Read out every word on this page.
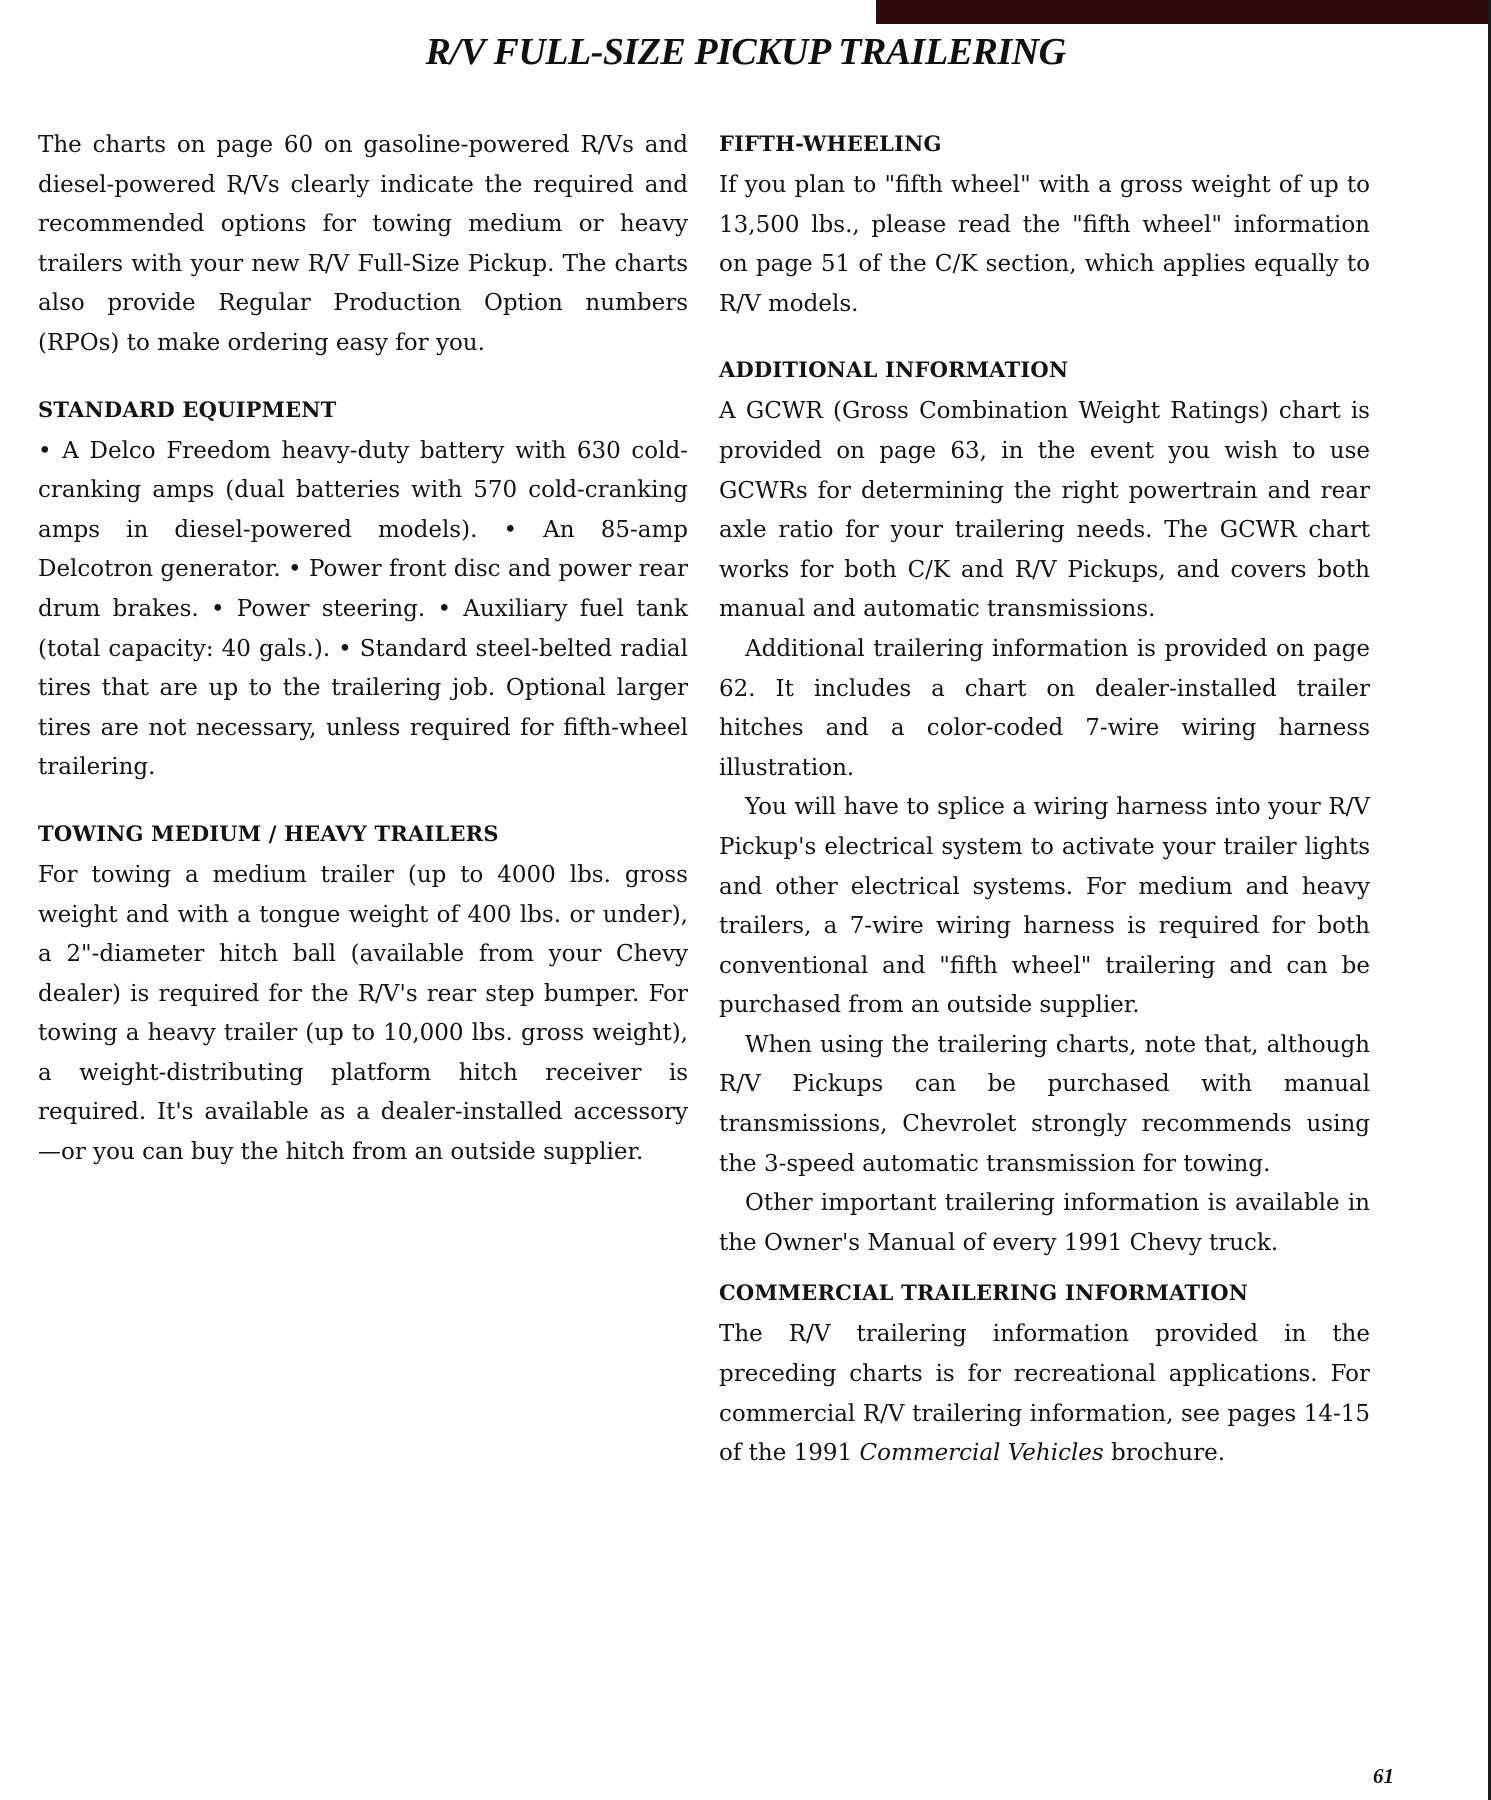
R/V FULL-SIZE PICKUP TRAILERING

The charts on page 60 on gasoline-powered R/Vs and diesel-powered R/Vs clearly indicate the required and recommended options for towing medium or heavy trailers with your new R/V Full-Size Pickup. The charts also provide Regular Production Option numbers (RPOs) to make ordering easy for you.

STANDARD EQUIPMENT

• A Delco Freedom heavy-duty battery with 630 cold-cranking amps (dual batteries with 570 cold-cranking amps in diesel-powered models). • An 85-amp Delcotron generator. • Power front disc and power rear drum brakes. • Power steering. • Auxiliary fuel tank (total capacity: 40 gals.). • Standard steel-belted radial tires that are up to the trailering job. Optional larger tires are not necessary, unless required for fifth-wheel trailering.

TOWING MEDIUM / HEAVY TRAILERS

For towing a medium trailer (up to 4000 lbs. gross weight and with a tongue weight of 400 lbs. or under), a 2"-diameter hitch ball (available from your Chevy dealer) is required for the R/V's rear step bumper. For towing a heavy trailer (up to 10,000 lbs. gross weight), a weight-distributing platform hitch receiver is required. It's available as a dealer-installed accessory—or you can buy the hitch from an outside supplier.

FIFTH-WHEELING

If you plan to "fifth wheel" with a gross weight of up to 13,500 lbs., please read the "fifth wheel" information on page 51 of the C/K section, which applies equally to R/V models.

ADDITIONAL INFORMATION

A GCWR (Gross Combination Weight Ratings) chart is provided on page 63, in the event you wish to use GCWRs for determining the right powertrain and rear axle ratio for your trailering needs. The GCWR chart works for both C/K and R/V Pickups, and covers both manual and automatic transmissions.

Additional trailering information is provided on page 62. It includes a chart on dealer-installed trailer hitches and a color-coded 7-wire wiring harness illustration.

You will have to splice a wiring harness into your R/V Pickup's electrical system to activate your trailer lights and other electrical systems. For medium and heavy trailers, a 7-wire wiring harness is required for both conventional and "fifth wheel" trailering and can be purchased from an outside supplier.

When using the trailering charts, note that, although R/V Pickups can be purchased with manual transmissions, Chevrolet strongly recommends using the 3-speed automatic transmission for towing.

Other important trailering information is available in the Owner's Manual of every 1991 Chevy truck.

COMMERCIAL TRAILERING INFORMATION

The R/V trailering information provided in the preceding charts is for recreational applications. For commercial R/V trailering information, see pages 14-15 of the 1991 Commercial Vehicles brochure.

61
